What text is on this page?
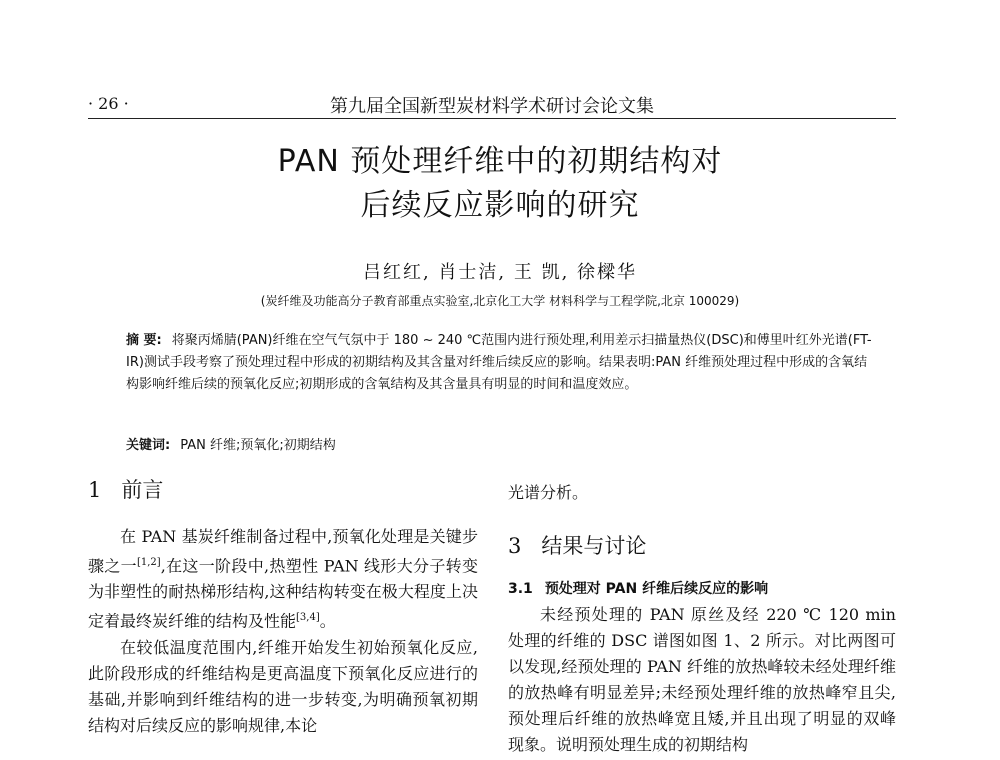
· 26 ·	第九届全国新型炭材料学术研讨会论文集
PAN 预处理纤维中的初期结构对
后续反应影响的研究
吕红红, 肖士洁, 王 凯, 徐樑华
(炭纤维及功能高分子教育部重点实验室,北京化工大学 材料科学与工程学院,北京 100029)
摘 要: 将聚丙烯腈(PAN)纤维在空气气氛中于 180 ~ 240 ℃范围内进行预处理,利用差示扫描量热仪(DSC)和傅里叶红外光谱(FT-IR)测试手段考察了预处理过程中形成的初期结构及其含量对纤维后续反应的影响。结果表明:PAN 纤维预处理过程中形成的含氧结构影响纤维后续的预氧化反应;初期形成的含氧结构及其含量具有明显的时间和温度效应。
关键词: PAN 纤维;预氧化;初期结构
1 前言

在 PAN 基炭纤维制备过程中,预氧化处理是关键步骤之一[1,2],在这一阶段中,热塑性 PAN 线形大分子转变为非塑性的耐热梯形结构,这种结构转变在极大程度上决定着最终炭纤维的结构及性能[3,4]。

在较低温度范围内,纤维开始发生初始预氧化反应,此阶段形成的纤维结构是更高温度下预氧化反应进行的基础,并影响到纤维结构的进一步转变,为明确预氧初期结构对后续反应的影响规律,本论

光谱分析。
3 结果与讨论
3.1 预处理对 PAN 纤维后续反应的影响

未经预处理的 PAN 原丝及经 220 ℃ 120 min 处理的纤维的 DSC 谱图如图 1、2 所示。对比两图可以发现,经预处理的 PAN 纤维的放热峰较未经处理纤维的放热峰有明显差异;未经预处理纤维的放热峰窄且尖,预处理后纤维的放热峰宽且矮,并且出现了明显的双峰现象。说明预处理生成的初期结构
